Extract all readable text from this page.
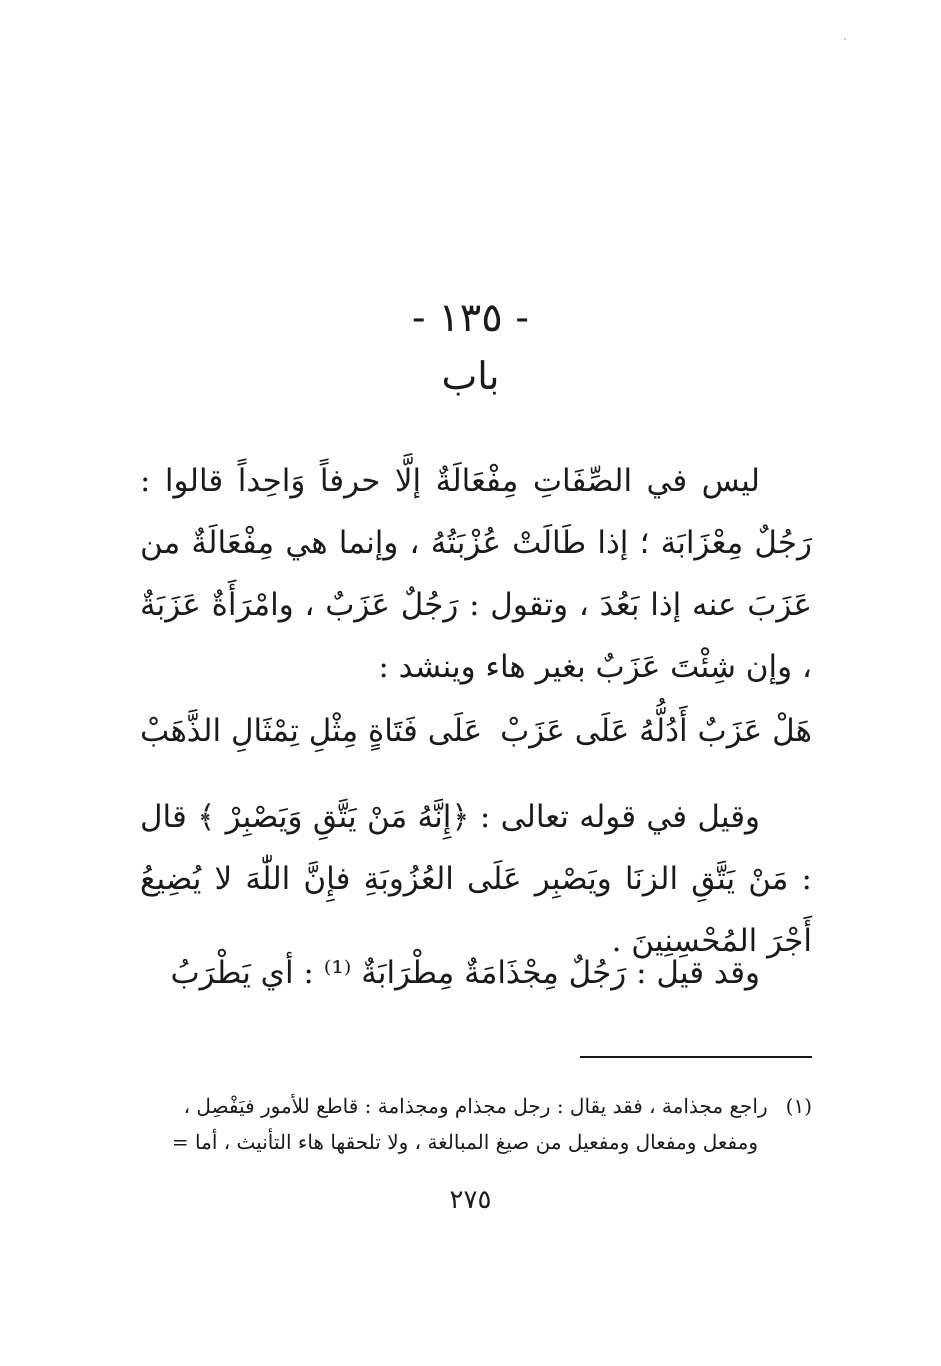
- ١٣٥ -
باب
ليس في الصِّفَاتِ مِفْعَالَةٌ إلَّا حرفاً وَاحِداً قالوا : رَجُلٌ مِعْزَابَة ؛ إذا طَالَتْ عُزْبَتُهُ ، وإنما هي مِفْعَالَةٌ من عَزَبَ عنه إذا بَعُدَ ، وتقول : رَجُلٌ عَزَبٌ ، وامْرَأَةٌ عَزَبَةٌ ، وإن شِئْتَ عَزَبٌ بغير هاء وينشد :
هَلْ عَزَبٌ أَدُلُّهُ عَلَى عَزَبْ
عَلَى فَتَاةٍ مِثْلِ تِمْثَالِ الذَّهَبْ
وقيل في قوله تعالى : ﴿إِنَّهُ مَنْ يَتَّقِ وَيَصْبِرْ ﴾ قال : مَنْ يَتَّقِ الزنَا ويَصْبِر عَلَى العُزُوبَةِ فإِنَّ اللّٰهَ لا يُضِيعُ أَجْرَ المُحْسِنِينَ .
وقد قيل : رَجُلٌ مِجْذَامَةٌ مِطْرَابَةٌ ⁽¹⁾ : أي يَطْرَبُ
(١)راجع مجذامة ، فقد يقال : رجل مجذام ومجذامة : قاطع للأمور فيَفْصِل ،
ومفعل ومفعال ومفعيل من صيغ المبالغة ، ولا تلحقها هاء التأنيث ، أما =
٢٧٥
